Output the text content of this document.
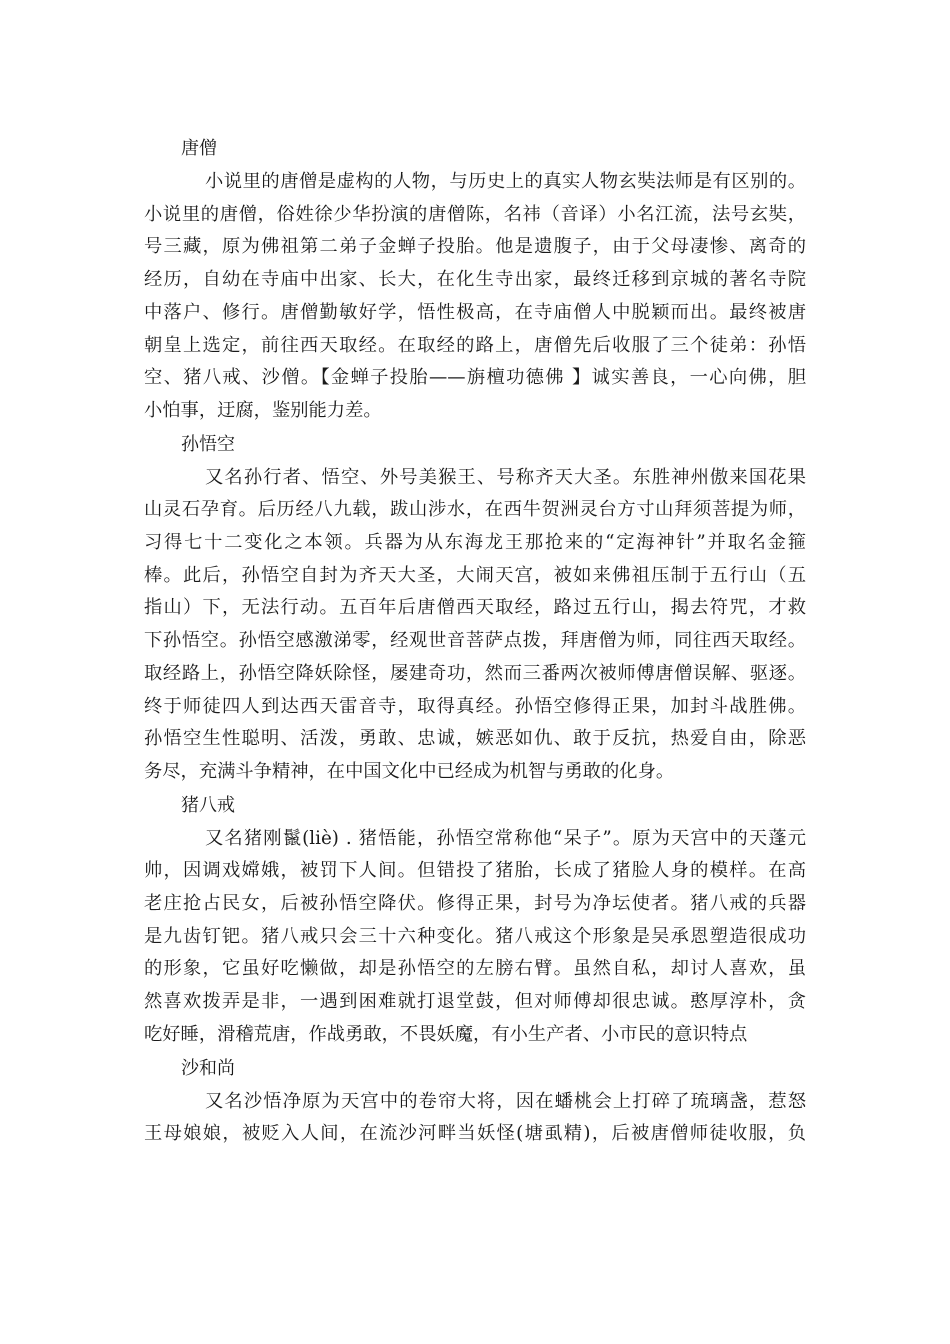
唐僧

小说里的唐僧是虚构的人物，与历史上的真实人物玄奘法师是有区别的。

小说里的唐僧，俗姓徐少华扮演的唐僧陈，名祎（音译）小名江流，法号玄奘，

号三藏，原为佛祖第二弟子金蝉子投胎。他是遗腹子，由于父母凄惨、离奇的

经历，自幼在寺庙中出家、长大，在化生寺出家，最终迁移到京城的著名寺院

中落户、修行。唐僧勤敏好学，悟性极高，在寺庙僧人中脱颖而出。最终被唐

朝皇上选定，前往西天取经。在取经的路上，唐僧先后收服了三个徒弟：孙悟

空、猪八戒、沙僧。【金蝉子投胎——旃檀功德佛 】诚实善良，一心向佛，胆

小怕事，迂腐，鉴别能力差。

孙悟空

又名孙行者、悟空、外号美猴王、号称齐天大圣。东胜神州傲来国花果

山灵石孕育。后历经八九载，跋山涉水，在西牛贺洲灵台方寸山拜须菩提为师，

习得七十二变化之本领。兵器为从东海龙王那抢来的“定海神针”并取名金箍

棒。此后，孙悟空自封为齐天大圣，大闹天宫，被如来佛祖压制于五行山（五

指山）下，无法行动。五百年后唐僧西天取经，路过五行山，揭去符咒，才救

下孙悟空。孙悟空感激涕零，经观世音菩萨点拨，拜唐僧为师，同往西天取经。

取经路上，孙悟空降妖除怪，屡建奇功，然而三番两次被师傅唐僧误解、驱逐。

终于师徒四人到达西天雷音寺，取得真经。孙悟空修得正果，加封斗战胜佛。

孙悟空生性聪明、活泼，勇敢、忠诚，嫉恶如仇、敢于反抗，热爱自由，除恶

务尽，充满斗争精神，在中国文化中已经成为机智与勇敢的化身。

猪八戒

又名猪刚鬣(liè) . 猪悟能，孙悟空常称他“呆子”。原为天宫中的天蓬元

帅，因调戏嫦娥，被罚下人间。但错投了猪胎，长成了猪脸人身的模样。在高

老庄抢占民女，后被孙悟空降伏。修得正果，封号为净坛使者。猪八戒的兵器

是九齿钉钯。猪八戒只会三十六种变化。猪八戒这个形象是吴承恩塑造很成功

的形象，它虽好吃懒做，却是孙悟空的左膀右臂。虽然自私，却讨人喜欢，虽

然喜欢拨弄是非，一遇到困难就打退堂鼓，但对师傅却很忠诚。憨厚淳朴，贪

吃好睡，滑稽荒唐，作战勇敢，不畏妖魔，有小生产者、小市民的意识特点

沙和尚

又名沙悟净原为天宫中的卷帘大将，因在蟠桃会上打碎了琉璃盏，惹怒

王母娘娘，被贬入人间，在流沙河畔当妖怪(塘虱精)，后被唐僧师徒收服，负
